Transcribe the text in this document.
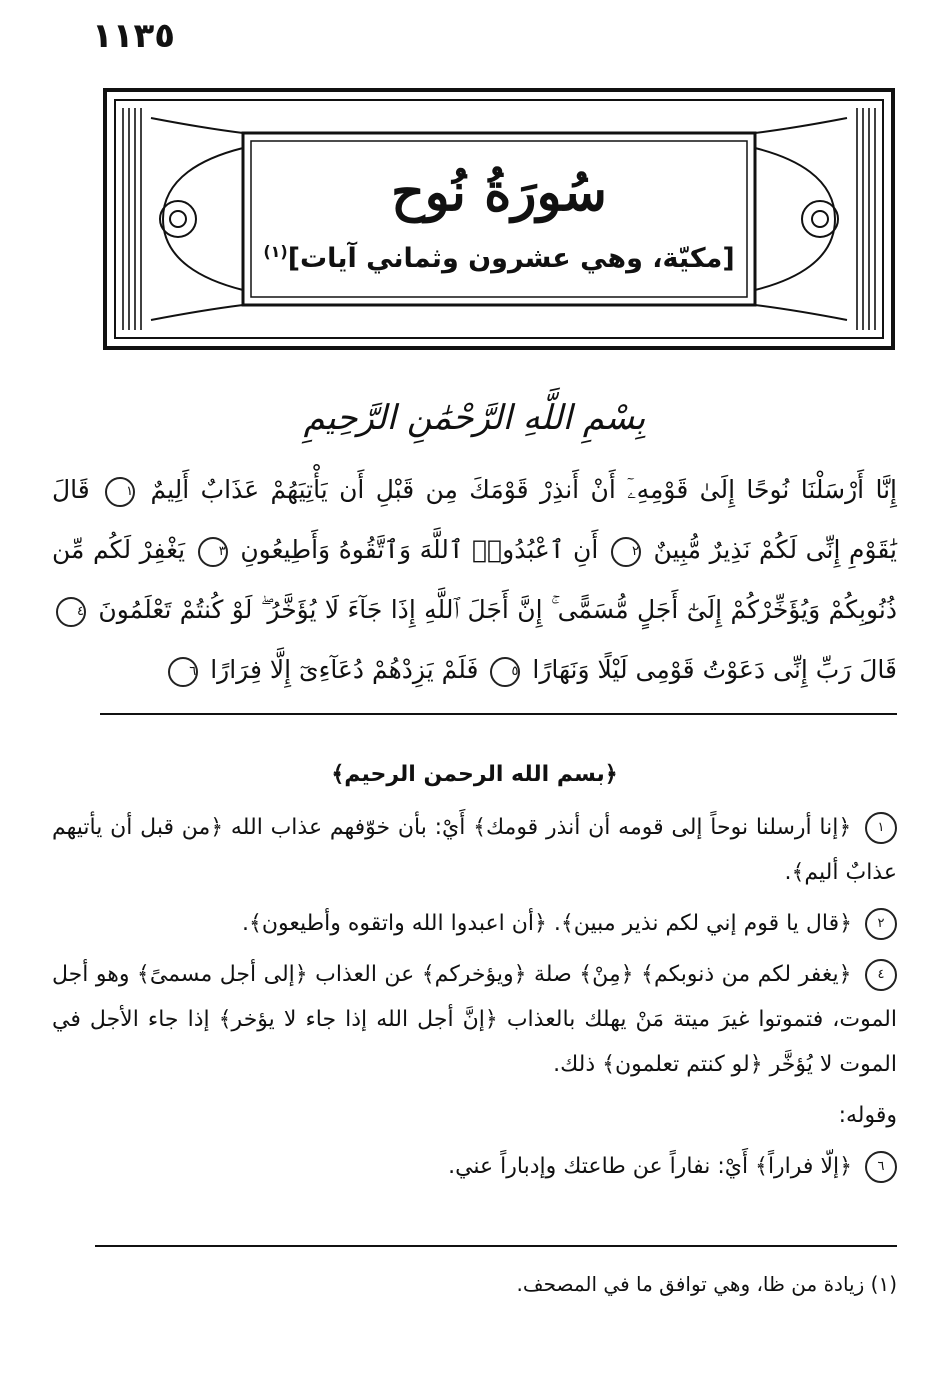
١١٣٥
سُورَةُ نُوح
[مكيّة، وهي عشرون وثماني آيات]$^{(١)}$
بِسْمِ اللَّهِ الرَّحْمَٰنِ الرَّحِيمِ
إِنَّا أَرْسَلْنَا نُوحًا إِلَىٰ قَوْمِهِۦٓ أَنْ أَنذِرْ قَوْمَكَ مِن قَبْلِ أَن يَأْتِيَهُمْ عَذَابٌ أَلِيمٌ ١ قَالَ يَٰقَوْمِ إِنِّى لَكُمْ نَذِيرٌ مُّبِينٌ ٢ أَنِ ٱعْبُدُوا۟ ٱللَّهَ وَٱتَّقُوهُ وَأَطِيعُونِ ٣ يَغْفِرْ لَكُم مِّن ذُنُوبِكُمْ وَيُؤَخِّرْكُمْ إِلَىٰٓ أَجَلٍ مُّسَمًّى ۚ إِنَّ أَجَلَ ٱللَّهِ إِذَا جَآءَ لَا يُؤَخَّرُ ۖ لَوْ كُنتُمْ تَعْلَمُونَ ٤ قَالَ رَبِّ إِنِّى دَعَوْتُ قَوْمِى لَيْلًا وَنَهَارًا ٥ فَلَمْ يَزِدْهُمْ دُعَآءِىٓ إِلَّا فِرَارًا ٦
﴿بسم الله الرحمن الرحيم﴾

١ ﴿إنا أرسلنا نوحاً إلى قومه أن أنذر قومك﴾ أَيْ: بأن خوّفهم عذاب الله ﴿من قبل أن يأتيهم عذابٌ أليم﴾.

٢ ﴿قال يا قوم إني لكم نذير مبين﴾. ﴿أن اعبدوا الله واتقوه وأطيعون﴾.

٤ ﴿يغفر لكم من ذنوبكم﴾ ﴿مِنْ﴾ صلة ﴿ويؤخركم﴾ عن العذاب ﴿إلى أجل مسمىً﴾ وهو أجل الموت، فتموتوا غيرَ ميتة مَنْ يهلك بالعذاب ﴿إنَّ أجل الله إذا جاء لا يؤخر﴾ إذا جاء الأجل في الموت لا يُؤخَّر ﴿لو كنتم تعلمون﴾ ذلك.

وقوله:

٦ ﴿إلّا فراراً﴾ أَيْ: نفاراً عن طاعتك وإدباراً عني.

(١) زيادة من ظا، وهي توافق ما في المصحف.
